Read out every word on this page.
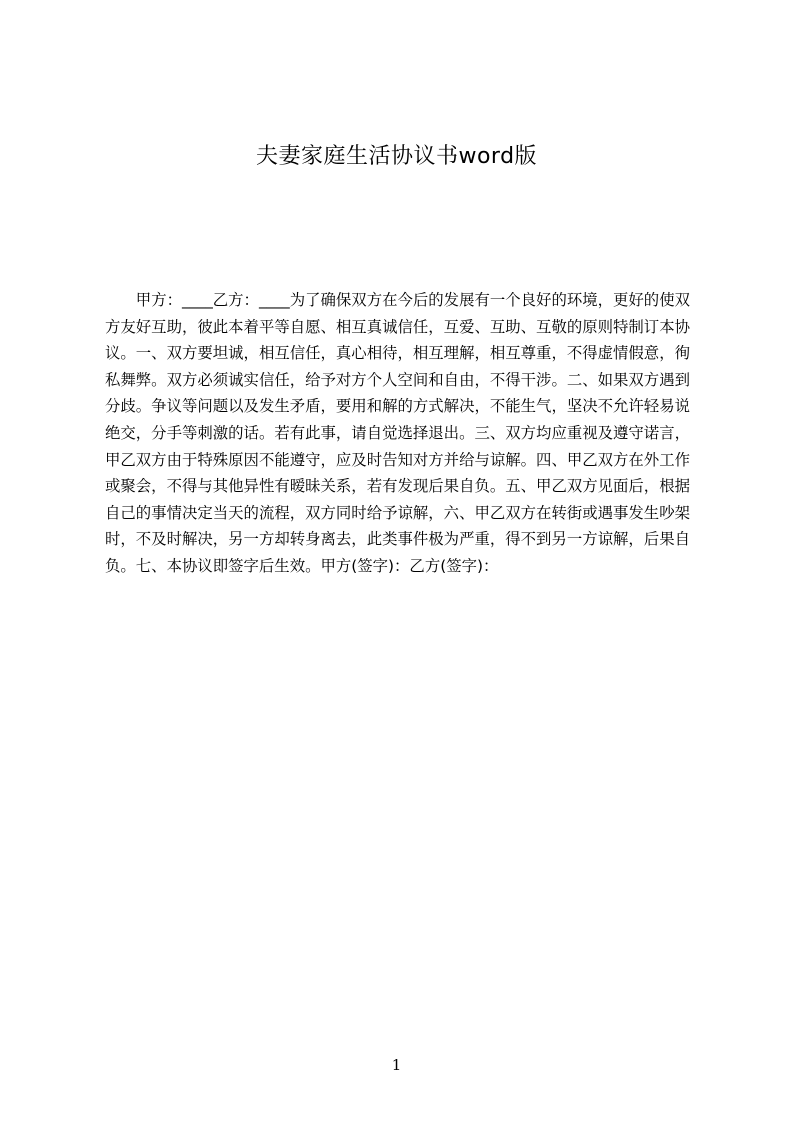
夫妻家庭生活协议书word版

甲方：____乙方：____为了确保双方在今后的发展有一个良好的环境，更好的使双方友好互助，彼此本着平等自愿、相互真诚信任，互爱、互助、互敬的原则特制订本协议。一、双方要坦诚，相互信任，真心相待，相互理解，相互尊重，不得虚情假意，徇私舞弊。双方必须诚实信任，给予对方个人空间和自由，不得干涉。二、如果双方遇到分歧。争议等问题以及发生矛盾，要用和解的方式解决，不能生气，坚决不允许轻易说绝交，分手等刺激的话。若有此事，请自觉选择退出。三、双方均应重视及遵守诺言，甲乙双方由于特殊原因不能遵守，应及时告知对方并给与谅解。四、甲乙双方在外工作或聚会，不得与其他异性有暧昧关系，若有发现后果自负。五、甲乙双方见面后，根据自己的事情决定当天的流程，双方同时给予谅解，六、甲乙双方在转街或遇事发生吵架时，不及时解决，另一方却转身离去，此类事件极为严重，得不到另一方谅解，后果自负。七、本协议即签字后生效。甲方(签字)：乙方(签字)：

1
